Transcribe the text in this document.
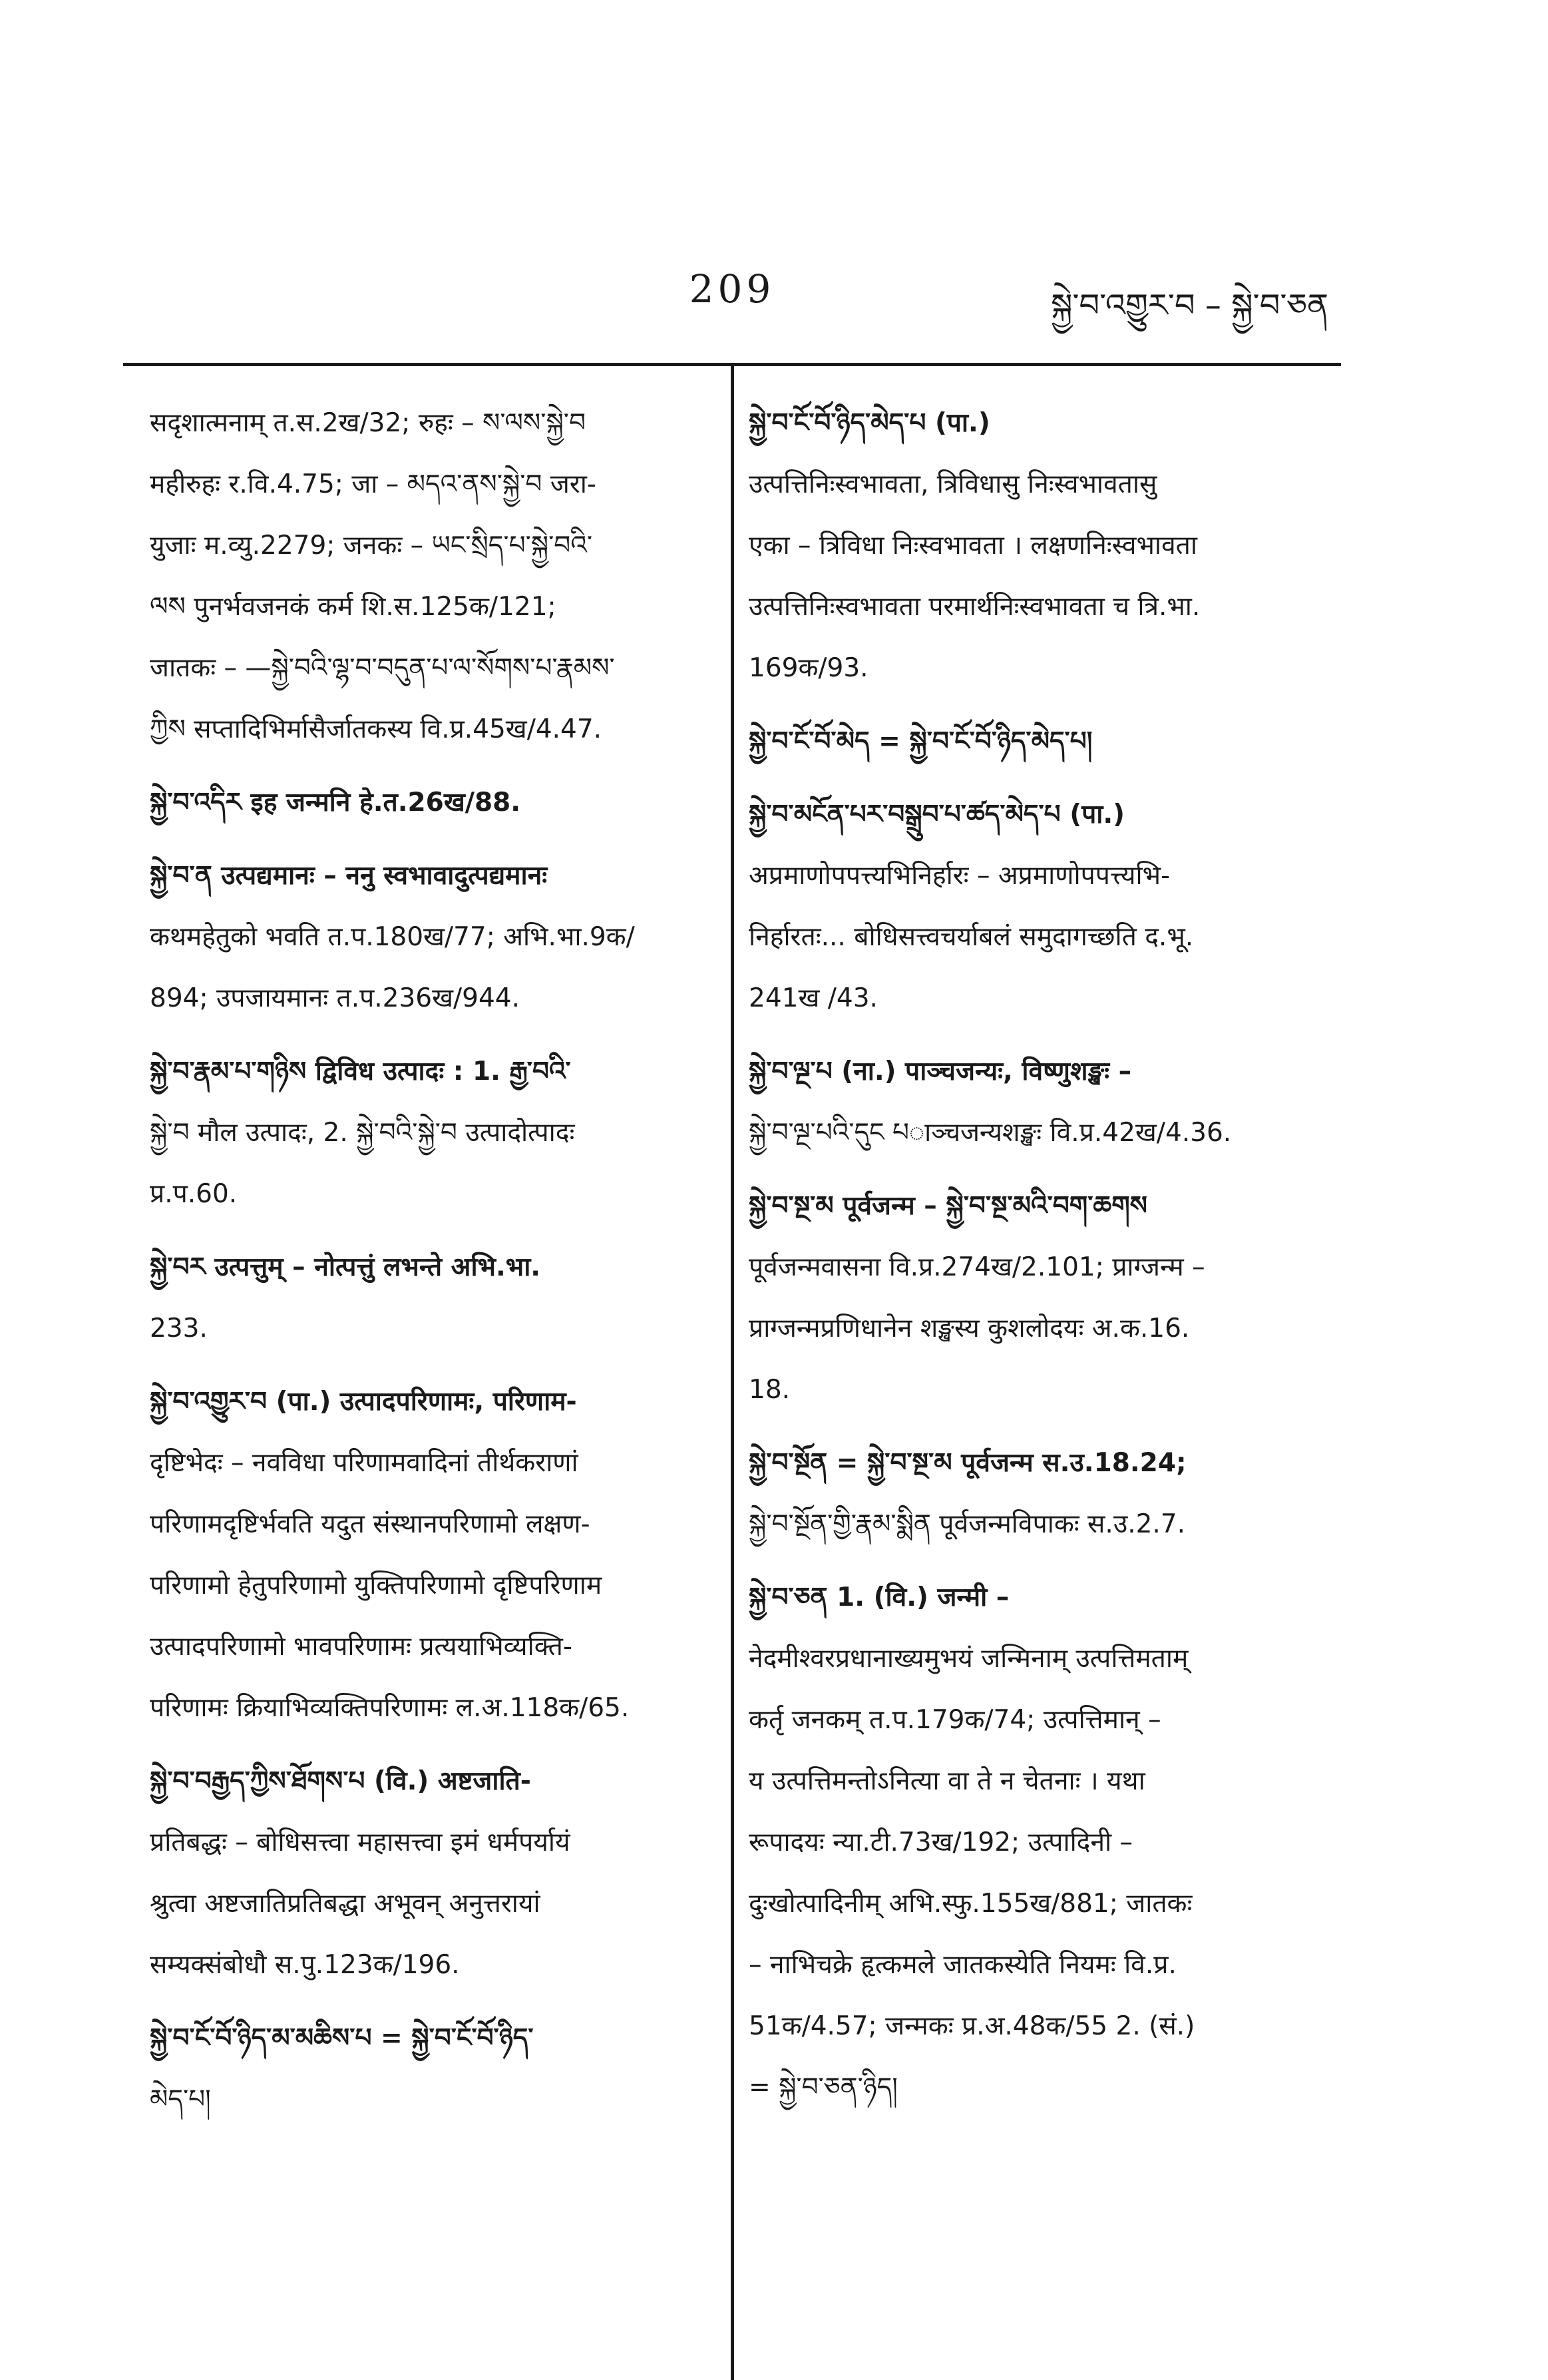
209	སྐྱེ་བ་འགྱུར་བ – སྐྱེ་བ་ཅན
सदृशात्मनाम् त.स.2ख/32; रुहः – ས་ལས་སྐྱེ་བ
महीरुहः र.वि.4.75; जा – མདའ་ནས་སྐྱེ་བ जरा-
युजाः म.व्यु.2279; जनकः – ཡང་སྲིད་པ་སྐྱེ་བའི་
ལས पुनर्भवजनकं कर्म शि.स.125क/121;
जातकः – —སྐྱེ་བའི་ལྷ་བ་བདུན་པ་ལ་སོགས་པ་རྣམས་
ཀྱིས सप्तादिभिर्मासैर्जातकस्य वि.प्र.45ख/4.47.
སྐྱེ་བ་འདིར इह जन्मनि हे.त.26ख/88.
སྐྱེ་བ་ན उत्पद्यमानः – ननु स्वभावादुत्पद्यमानः
कथमहेतुको भवति त.प.180ख/77; अभि.भा.9क/
894; उपजायमानः त.प.236ख/944.
སྐྱེ་བ་རྣམ་པ་གཉིས द्विविध उत्पादः : 1. རྒྱ་བའི་
སྐྱེ་བ मौल उत्पादः, 2. སྐྱེ་བའི་སྐྱེ་བ उत्पादोत्पादः
प्र.प.60.
སྐྱེ་བར उत्पत्तुम् – नोत्पत्तुं लभन्ते अभि.भा.
233.
སྐྱེ་བ་འགྱུར་བ (पा.) उत्पादपरिणामः, परिणाम-
दृष्टिभेदः – नवविधा परिणामवादिनां तीर्थकराणां
परिणामदृष्टिर्भवति यदुत संस्थानपरिणामो लक्षण-
परिणामो हेतुपरिणामो युक्तिपरिणामो दृष्टिपरिणाम
उत्पादपरिणामो भावपरिणामः प्रत्ययाभिव्यक्ति-
परिणामः क्रियाभिव्यक्तिपरिणामः ल.अ.118क/65.
སྐྱེ་བ་བརྒྱད་ཀྱིས་ཐོགས་པ (वि.) अष्टजाति-
प्रतिबद्धः – बोधिसत्त्वा महासत्त्वा इमं धर्मपर्यायं
श्रुत्वा अष्टजातिप्रतिबद्धा अभूवन् अनुत्तरायां
सम्यक्संबोधौ स.पु.123क/196.
སྐྱེ་བ་ངོ་བོ་ཉིད་མ་མཆིས་པ = སྐྱེ་བ་ངོ་བོ་ཉིད་
མེད་པ།
སྐྱེ་བ་ངོ་བོ་ཉིད་མེད་པ (पा.)
उत्पत्तिनिःस्वभावता, त्रिविधासु निःस्वभावतासु
एका – त्रिविधा निःस्वभावता । लक्षणनिःस्वभावता
उत्पत्तिनिःस्वभावता परमार्थनिःस्वभावता च त्रि.भा.
169क/93.
སྐྱེ་བ་ངོ་བོ་མེད = སྐྱེ་བ་ངོ་བོ་ཉིད་མེད་པ།
སྐྱེ་བ་མངོན་པར་བསྒྲུབ་པ་ཚད་མེད་པ (पा.)
अप्रमाणोपपत्त्यभिनिर्हारः – अप्रमाणोपपत्त्यभि-
निर्हारतः... बोधिसत्त्वचर्याबलं समुदागच्छति द.भू.
241ख /43.
སྐྱེ་བ་ལྔ་པ (ना.) पाञ्चजन्यः, विष्णुशङ्खः –
སྐྱེ་བ་ལྔ་པའི་དུང པाञ्चजन्यशङ्खः वि.प्र.42ख/4.36.
སྐྱེ་བ་སྔ་མ पूर्वजन्म – སྐྱེ་བ་སྔ་མའི་བག་ཆགས
पूर्वजन्मवासना वि.प्र.274ख/2.101; प्राग्जन्म –
प्राग्जन्मप्रणिधानेन शङ्खस्य कुशलोदयः अ.क.16.
18.
སྐྱེ་བ་སྔོན = སྐྱེ་བ་སྔ་མ पूर्वजन्म स.उ.18.24;
སྐྱེ་བ་སྔོན་གྱི་རྣམ་སྨིན पूर्वजन्मविपाकः स.उ.2.7.
སྐྱེ་བ་ཅན 1. (वि.) जन्मी –
नेदमीश्वरप्रधानाख्यमुभयं जन्मिनाम् उत्पत्तिमताम्
कर्तृ जनकम् त.प.179क/74; उत्पत्तिमान् –
य उत्पत्तिमन्तोऽनित्या वा ते न चेतनाः । यथा
रूपादयः न्या.टी.73ख/192; उत्पादिनी –
दुःखोत्पादिनीम् अभि.स्फु.155ख/881; जातकः
– नाभिचक्रे हृत्कमले जातकस्येति नियमः वि.प्र.
51क/4.57; जन्मकः प्र.अ.48क/55 2. (सं.)
= སྐྱེ་བ་ཅན་ཉིད།
